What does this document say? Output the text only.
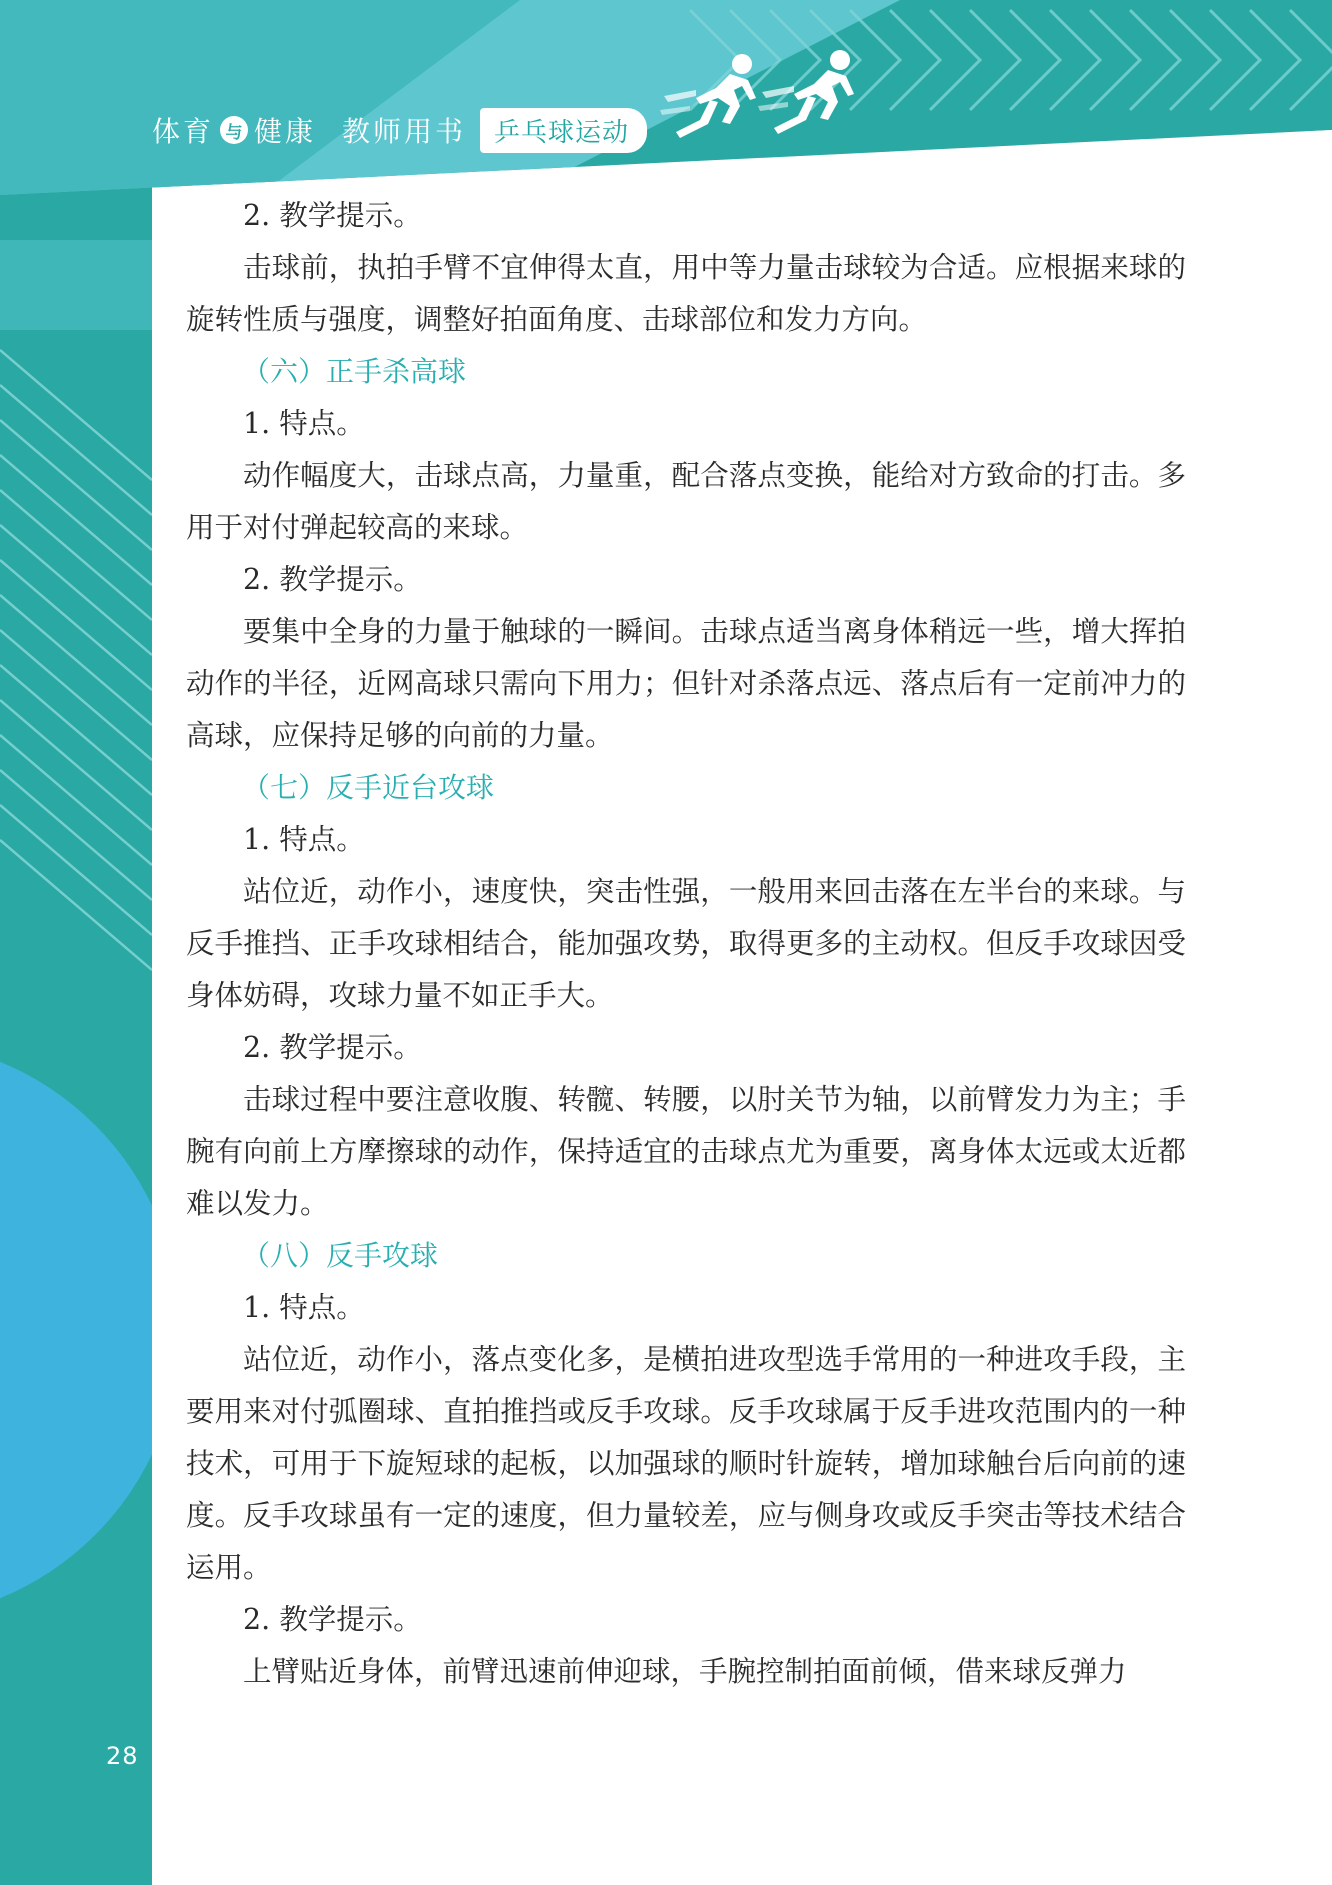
体育 与 健康 教师用书	乒乓球运动

2. 教学提示。

击球前，执拍手臂不宜伸得太直，用中等力量击球较为合适。应根据来球的旋转性质与强度，调整好拍面角度、击球部位和发力方向。

（六）正手杀高球

1. 特点。

动作幅度大，击球点高，力量重，配合落点变换，能给对方致命的打击。多用于对付弹起较高的来球。

2. 教学提示。

要集中全身的力量于触球的一瞬间。击球点适当离身体稍远一些，增大挥拍动作的半径，近网高球只需向下用力；但针对杀落点远、落点后有一定前冲力的高球，应保持足够的向前的力量。

（七）反手近台攻球

1. 特点。

站位近，动作小，速度快，突击性强，一般用来回击落在左半台的来球。与反手推挡、正手攻球相结合，能加强攻势，取得更多的主动权。但反手攻球因受身体妨碍，攻球力量不如正手大。

2. 教学提示。

击球过程中要注意收腹、转髋、转腰，以肘关节为轴，以前臂发力为主；手腕有向前上方摩擦球的动作，保持适宜的击球点尤为重要，离身体太远或太近都难以发力。

（八）反手攻球

1. 特点。

站位近，动作小，落点变化多，是横拍进攻型选手常用的一种进攻手段，主要用来对付弧圈球、直拍推挡或反手攻球。反手攻球属于反手进攻范围内的一种技术，可用于下旋短球的起板，以加强球的顺时针旋转，增加球触台后向前的速度。反手攻球虽有一定的速度，但力量较差，应与侧身攻或反手突击等技术结合运用。

2. 教学提示。

上臂贴近身体，前臂迅速前伸迎球，手腕控制拍面前倾，借来球反弹力

28
